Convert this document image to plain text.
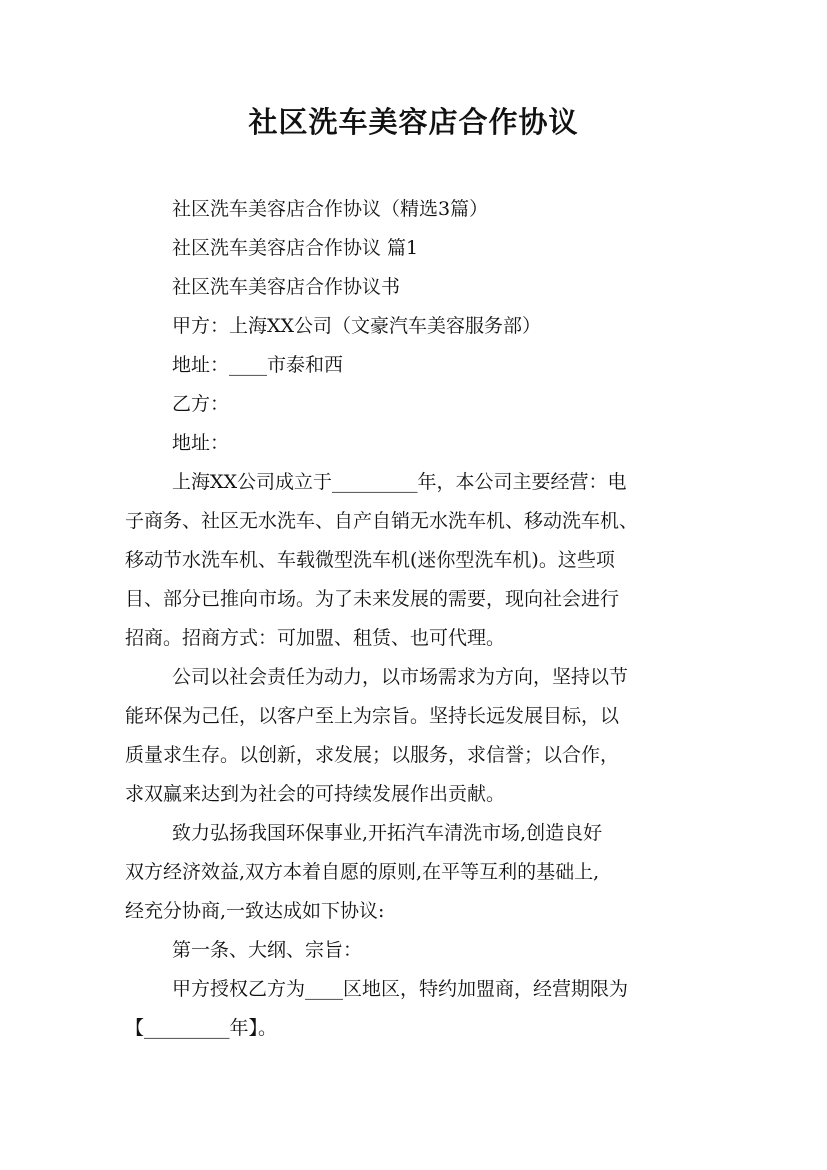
社区洗车美容店合作协议
社区洗车美容店合作协议（精选3篇）
社区洗车美容店合作协议 篇1
社区洗车美容店合作协议书
甲方：上海XX公司（文豪汽车美容服务部）
地址：____市泰和西
乙方：
地址：
上海XX公司成立于_________年，本公司主要经营：电
子商务、社区无水洗车、自产自销无水洗车机、移动洗车机、
移动节水洗车机、车载微型洗车机(迷你型洗车机)。这些项
目、部分已推向市场。为了未来发展的需要，现向社会进行
招商。招商方式：可加盟、租赁、也可代理。
公司以社会责任为动力，以市场需求为方向，坚持以节
能环保为己任，以客户至上为宗旨。坚持长远发展目标，以
质量求生存。以创新，求发展；以服务，求信誉；以合作，
求双赢来达到为社会的可持续发展作出贡献。
致力弘扬我国环保事业,开拓汽车清洗市场,创造良好
双方经济效益,双方本着自愿的原则,在平等互利的基础上,
经充分协商,一致达成如下协议:
第一条、大纲、宗旨：
甲方授权乙方为____区地区，特约加盟商，经营期限为
【_________年】。
